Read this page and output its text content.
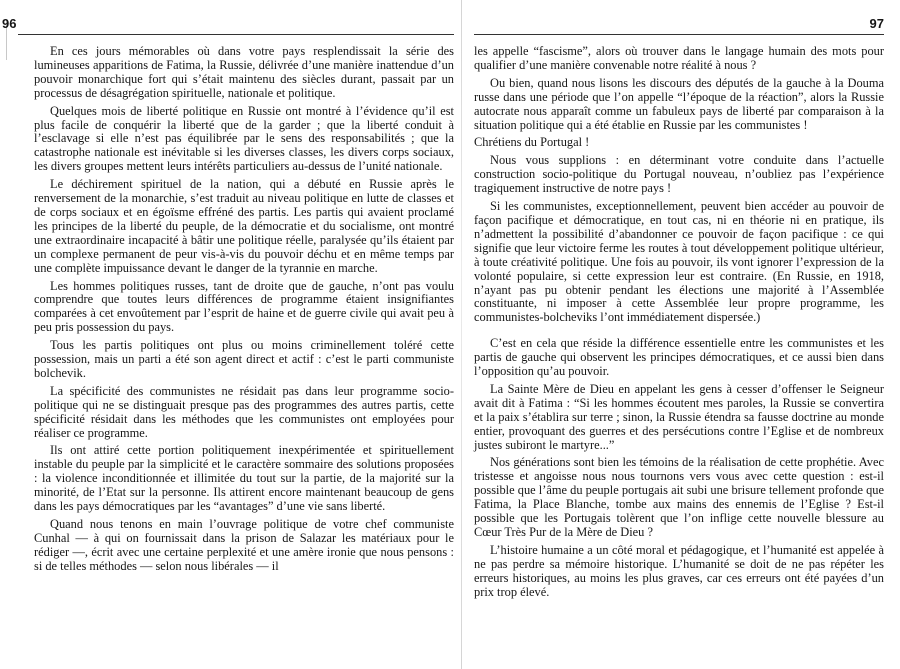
96

En ces jours mémorables où dans votre pays resplendissait la série des lumineuses apparitions de Fatima, la Russie, délivrée d’une manière inattendue d’un pouvoir monarchique fort qui s’était maintenu des siècles durant, passait par un processus de désagrégation spirituelle, nationale et politique.

Quelques mois de liberté politique en Russie ont montré à l’évidence qu’il est plus facile de conquérir la liberté que de la garder ; que la liberté conduit à l’esclavage si elle n’est pas équilibrée par le sens des responsabilités ; que la catastrophe nationale est inévitable si les diverses classes, les divers corps sociaux, les divers groupes mettent leurs intérêts particuliers au-dessus de l’unité nationale.

Le déchirement spirituel de la nation, qui a débuté en Russie après le renversement de la monarchie, s’est traduit au niveau politique en lutte de classes et de corps sociaux et en égoïsme effréné des partis. Les partis qui avaient proclamé les principes de la liberté du peuple, de la démocratie et du socialisme, ont montré une extraordinaire incapacité à bâtir une politique réelle, paralysée qu’ils étaient par un complexe permanent de peur vis-à-vis du pouvoir déchu et en même temps par une complète impuissance devant le danger de la tyrannie en marche.

Les hommes politiques russes, tant de droite que de gauche, n’ont pas voulu comprendre que toutes leurs différences de programme étaient insignifiantes comparées à cet envoûtement par l’esprit de haine et de guerre civile qui avait peu à peu pris possession du pays.

Tous les partis politiques ont plus ou moins criminellement toléré cette possession, mais un parti a été son agent direct et actif : c’est le parti communiste bolchevik.

La spécificité des communistes ne résidait pas dans leur programme socio-politique qui ne se distinguait presque pas des programmes des autres partis, cette spécificité résidait dans les méthodes que les communistes ont employées pour réaliser ce programme.

Ils ont attiré cette portion politiquement inexpérimentée et spirituellement instable du peuple par la simplicité et le caractère sommaire des solutions proposées : la violence inconditionnée et illimitée du tout sur la partie, de la majorité sur la minorité, de l’Etat sur la personne. Ils attirent encore maintenant beaucoup de gens dans les pays démocratiques par les “avantages” d’une vie sans liberté.

Quand nous tenons en main l’ouvrage politique de votre chef communiste Cunhal — à qui on fournissait dans la prison de Salazar les matériaux pour le rédiger —, écrit avec une certaine perplexité et une amère ironie que nous pensons : si de telles méthodes — selon nous libérales — il

97

les appelle “fascisme”, alors où trouver dans le langage humain des mots pour qualifier d’une manière convenable notre réalité à nous ?

Ou bien, quand nous lisons les discours des députés de la gauche à la Douma russe dans une période que l’on appelle “l’époque de la réaction”, alors la Russie autocrate nous apparaît comme un fabuleux pays de liberté par comparaison à la situation politique qui a été établie en Russie par les communistes !

Chrétiens du Portugal !

Nous vous supplions : en déterminant votre conduite dans l’actuelle construction socio-politique du Portugal nouveau, n’oubliez pas l’expérience tragiquement instructive de notre pays !

Si les communistes, exceptionnellement, peuvent bien accéder au pouvoir de façon pacifique et démocratique, en tout cas, ni en théorie ni en pratique, ils n’admettent la possibilité d’abandonner ce pouvoir de façon pacifique : ce qui signifie que leur victoire ferme les routes à tout développement politique ultérieur, à toute créativité politique. Une fois au pouvoir, ils vont ignorer l’expression de la volonté populaire, si cette expression leur est contraire. (En Russie, en 1918, n’ayant pas pu obtenir pendant les élections une majorité à l’Assemblée constituante, ni imposer à cette Assemblée leur propre programme, les communistes-bolcheviks l’ont immédiatement dispersée.)

C’est en cela que réside la différence essentielle entre les communistes et les partis de gauche qui observent les principes démocratiques, et ce aussi bien dans l’opposition qu’au pouvoir.

La Sainte Mère de Dieu en appelant les gens à cesser d’offenser le Seigneur avait dit à Fatima : “Si les hommes écoutent mes paroles, la Russie se convertira et la paix s’établira sur terre ; sinon, la Russie étendra sa fausse doctrine au monde entier, provoquant des guerres et des persécutions contre l’Eglise et de nombreux justes subiront le martyre...”

Nos générations sont bien les témoins de la réalisation de cette prophétie. Avec tristesse et angoisse nous nous tournons vers vous avec cette question : est-il possible que l’âme du peuple portugais ait subi une brisure tellement profonde que Fatima, la Place Blanche, tombe aux mains des ennemis de l’Eglise ? Est-il possible que les Portugais tolèrent que l’on inflige cette nouvelle blessure au Cœur Très Pur de la Mère de Dieu ?

L’histoire humaine a un côté moral et pédagogique, et l’humanité est appelée à ne pas perdre sa mémoire historique. L’humanité se doit de ne pas répéter les erreurs historiques, au moins les plus graves, car ces erreurs ont été payées d’un prix trop élevé.
